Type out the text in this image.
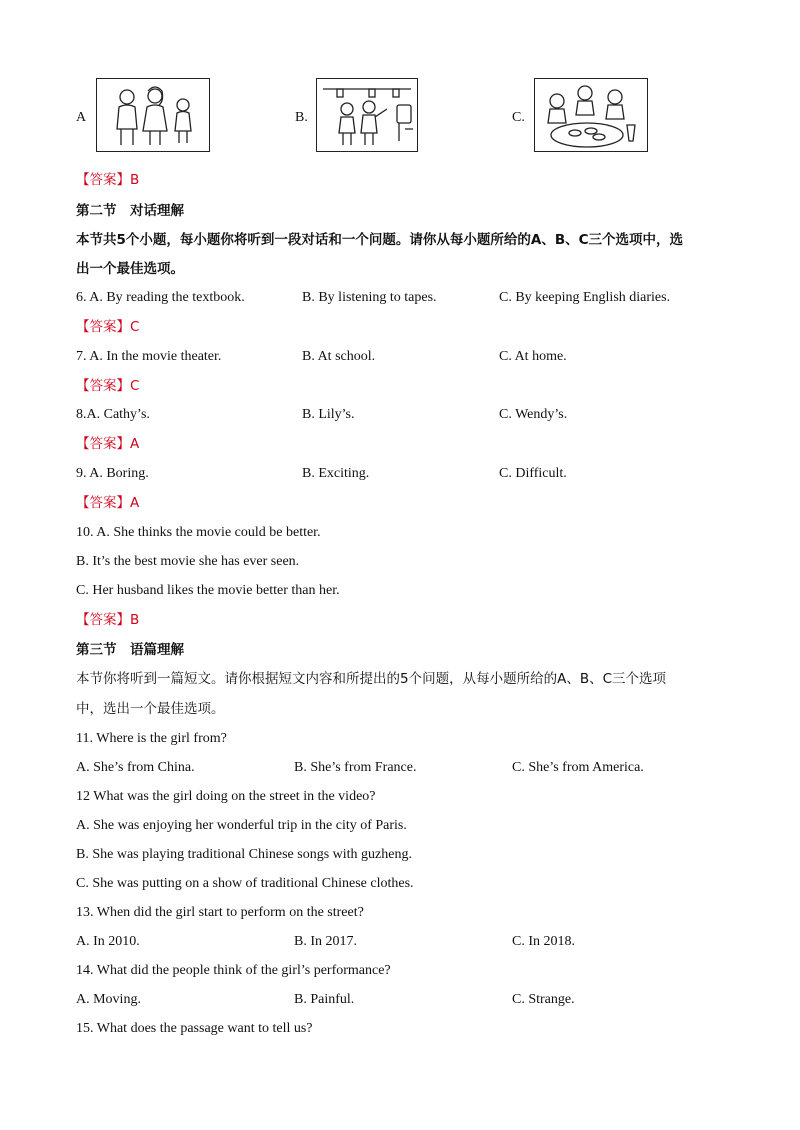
A	B.	C.
【答案】B
第二节　对话理解
本节共5个小题，每小题你将听到一段对话和一个问题。请你从每小题所给的A、B、C三个选项中，选
出一个最佳选项。
6. A. By reading the textbook.	B. By listening to tapes.	C. By keeping English diaries.
【答案】C
7. A. In the movie theater.	B. At school.	C. At home.
【答案】C
8.A. Cathy’s.	B. Lily’s.	C. Wendy’s.
【答案】A
9. A. Boring.	B. Exciting.	C. Difficult.
【答案】A
10. A. She thinks the movie could be better.
B. It’s the best movie she has ever seen.
C. Her husband likes the movie better than her.
【答案】B
第三节　语篇理解
本节你将听到一篇短文。请你根据短文内容和所提出的5个问题，从每小题所给的A、B、C三个选项
中，选出一个最佳选项。
11. Where is the girl from?
A. She’s from China.	B. She’s from France.	C. She’s from America.
12 What was the girl doing on the street in the video?
A. She was enjoying her wonderful trip in the city of Paris.
B. She was playing traditional Chinese songs with guzheng.
C. She was putting on a show of traditional Chinese clothes.
13. When did the girl start to perform on the street?
A. In 2010.	B. In 2017.	C. In 2018.
14. What did the people think of the girl’s performance?
A. Moving.	B. Painful.	C. Strange.
15. What does the passage want to tell us?
